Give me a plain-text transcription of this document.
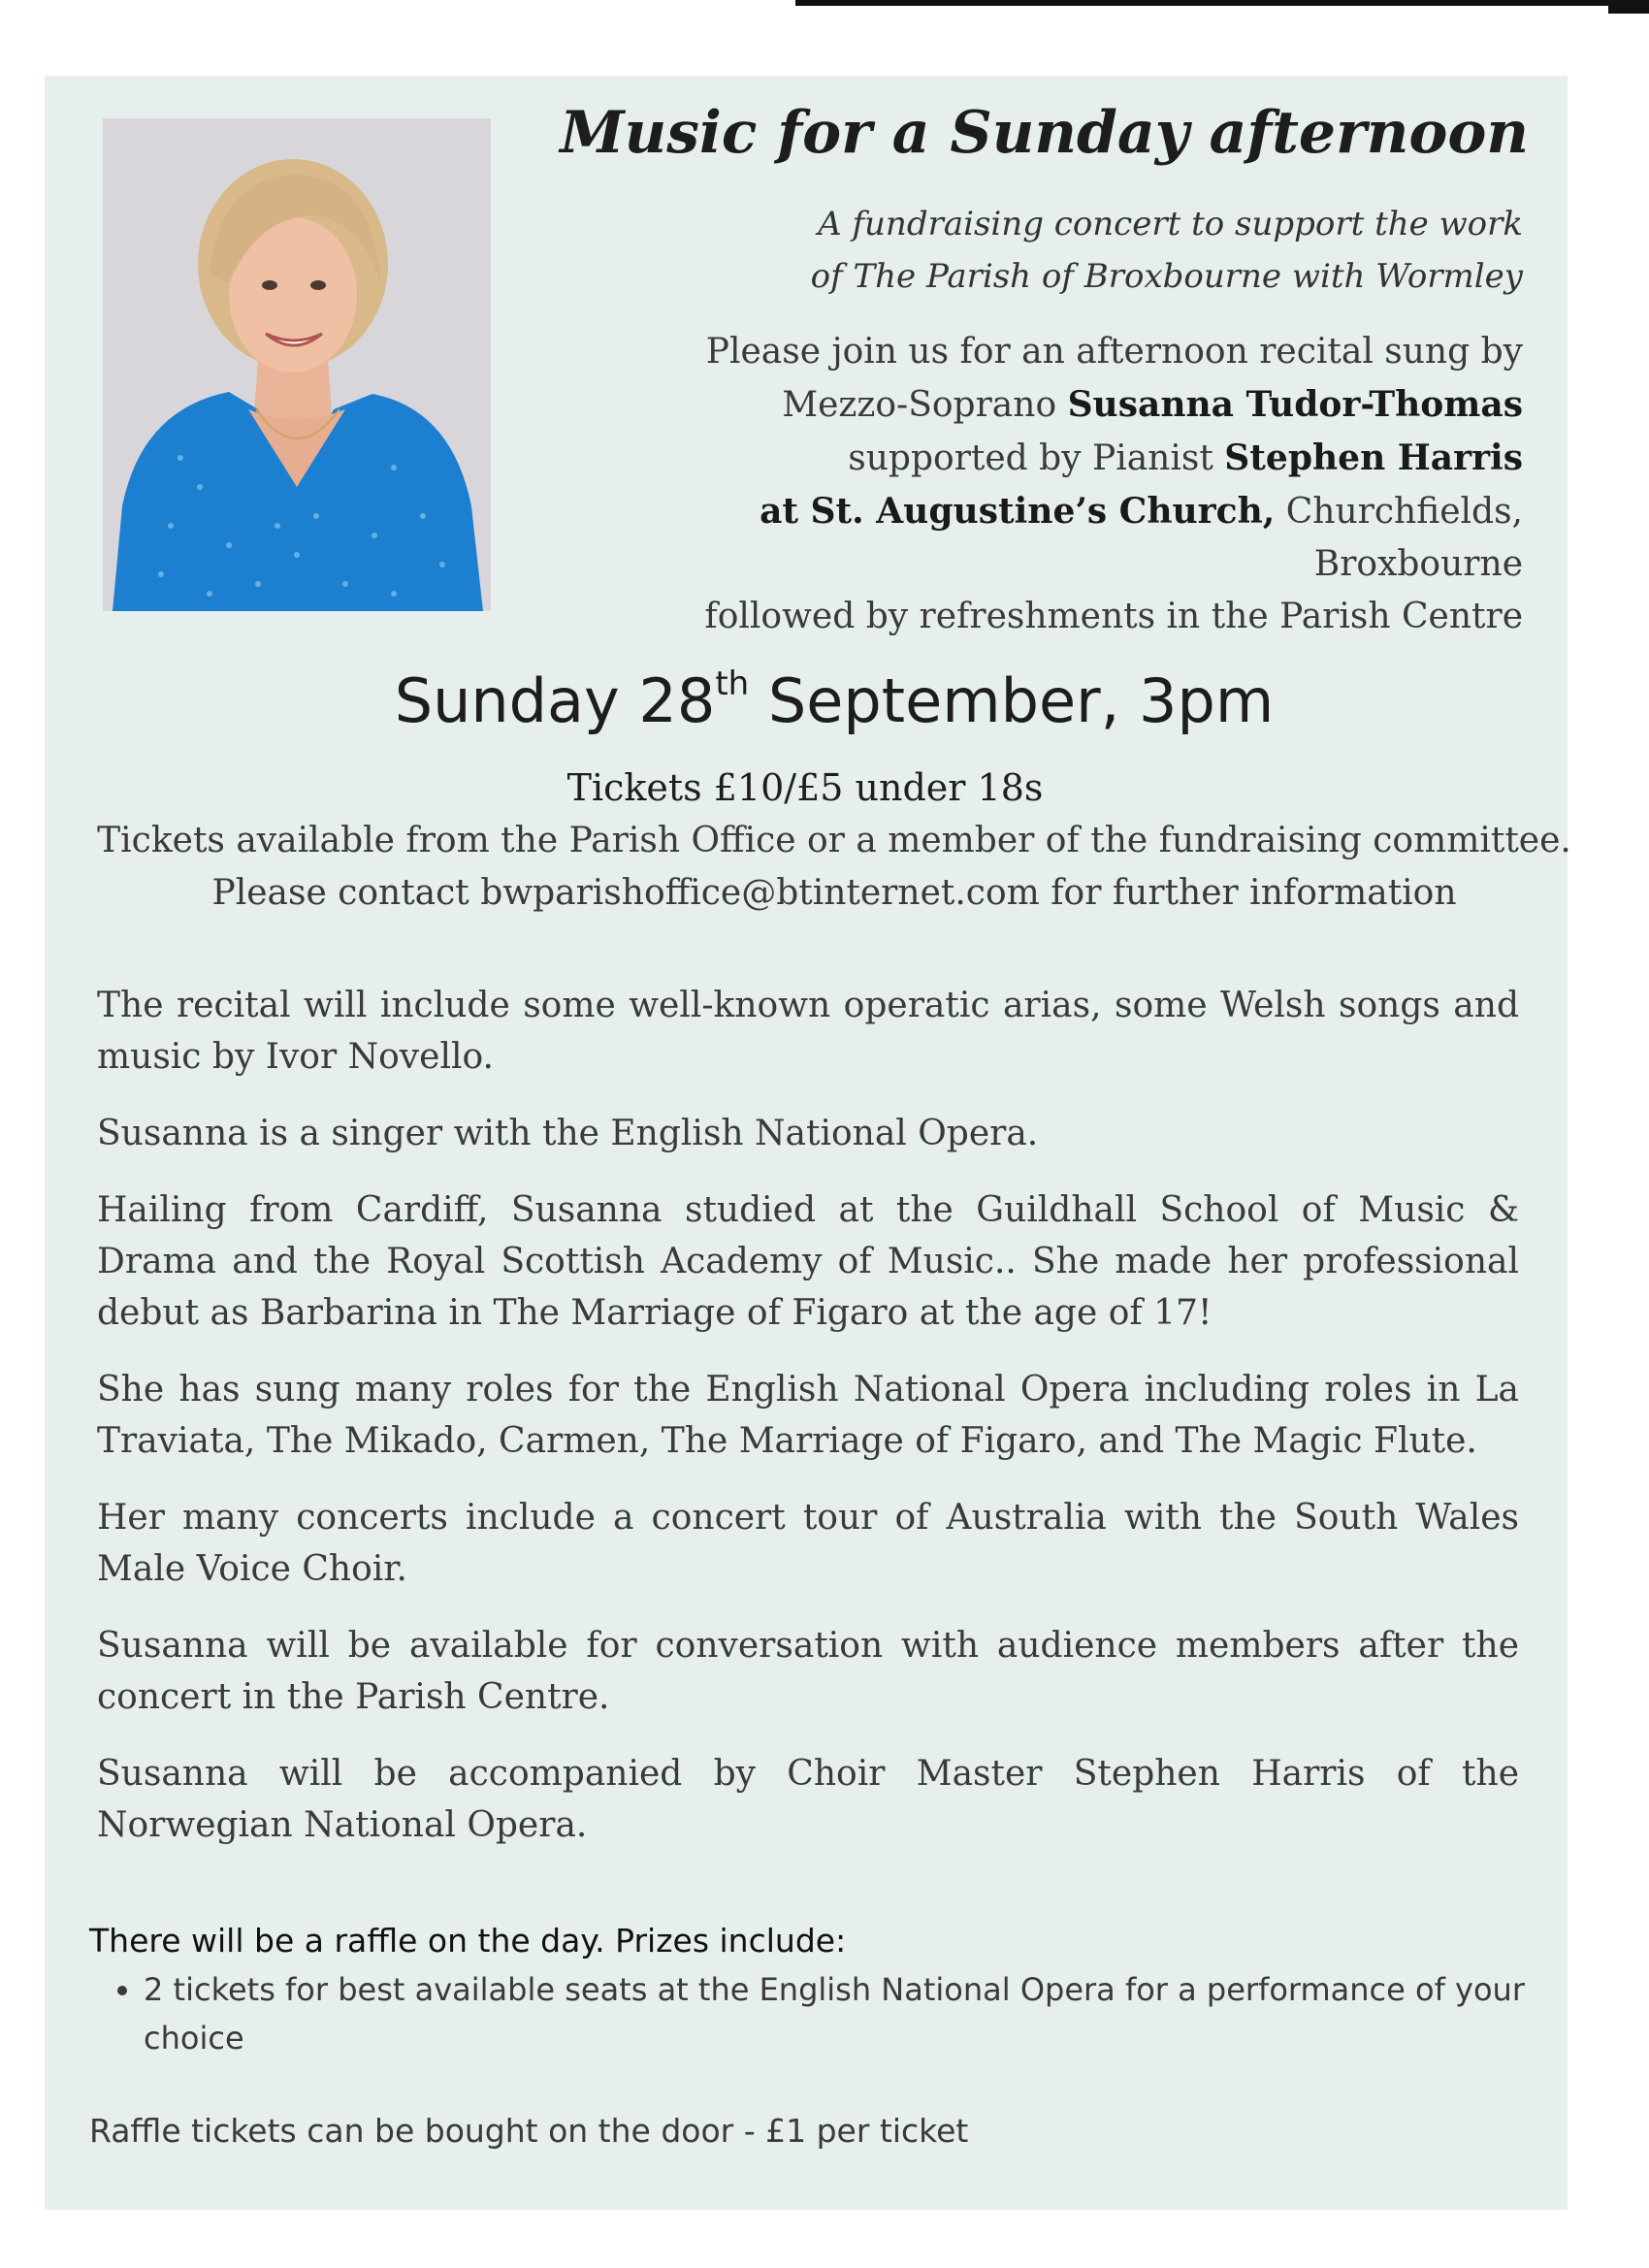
Music for a Sunday afternoon

A fundraising concert to support the work
of The Parish of Broxbourne with Wormley

Please join us for an afternoon recital sung by
Mezzo-Soprano Susanna Tudor-Thomas
supported by Pianist Stephen Harris
at St. Augustine’s Church, Churchfields, Broxbourne
followed by refreshments in the Parish Centre
Sunday 28th September, 3pm
Tickets £10/£5 under 18s
Tickets available from the Parish Office or a member of the fundraising committee.
Please contact bwparishoffice@btinternet.com for further information

The recital will include some well-known operatic arias, some Welsh songs and music by Ivor Novello.

Susanna is a singer with the English National Opera.

Hailing from Cardiff, Susanna studied at the Guildhall School of Music & Drama and the Royal Scottish Academy of Music.. She made her professional debut as Barbarina in The Marriage of Figaro at the age of 17!

She has sung many roles for the English National Opera including roles in La Traviata, The Mikado, Carmen, The Marriage of Figaro, and The Magic Flute.

Her many concerts include a concert tour of Australia with the South Wales Male Voice Choir.

Susanna will be available for conversation with audience members after the concert in the Parish Centre.

Susanna will be accompanied by Choir Master Stephen Harris of the Norwegian National Opera.

There will be a raffle on the day. Prizes include:
• 2 tickets for best available seats at the English National Opera for a performance of your choice
Raffle tickets can be bought on the door - £1 per ticket
